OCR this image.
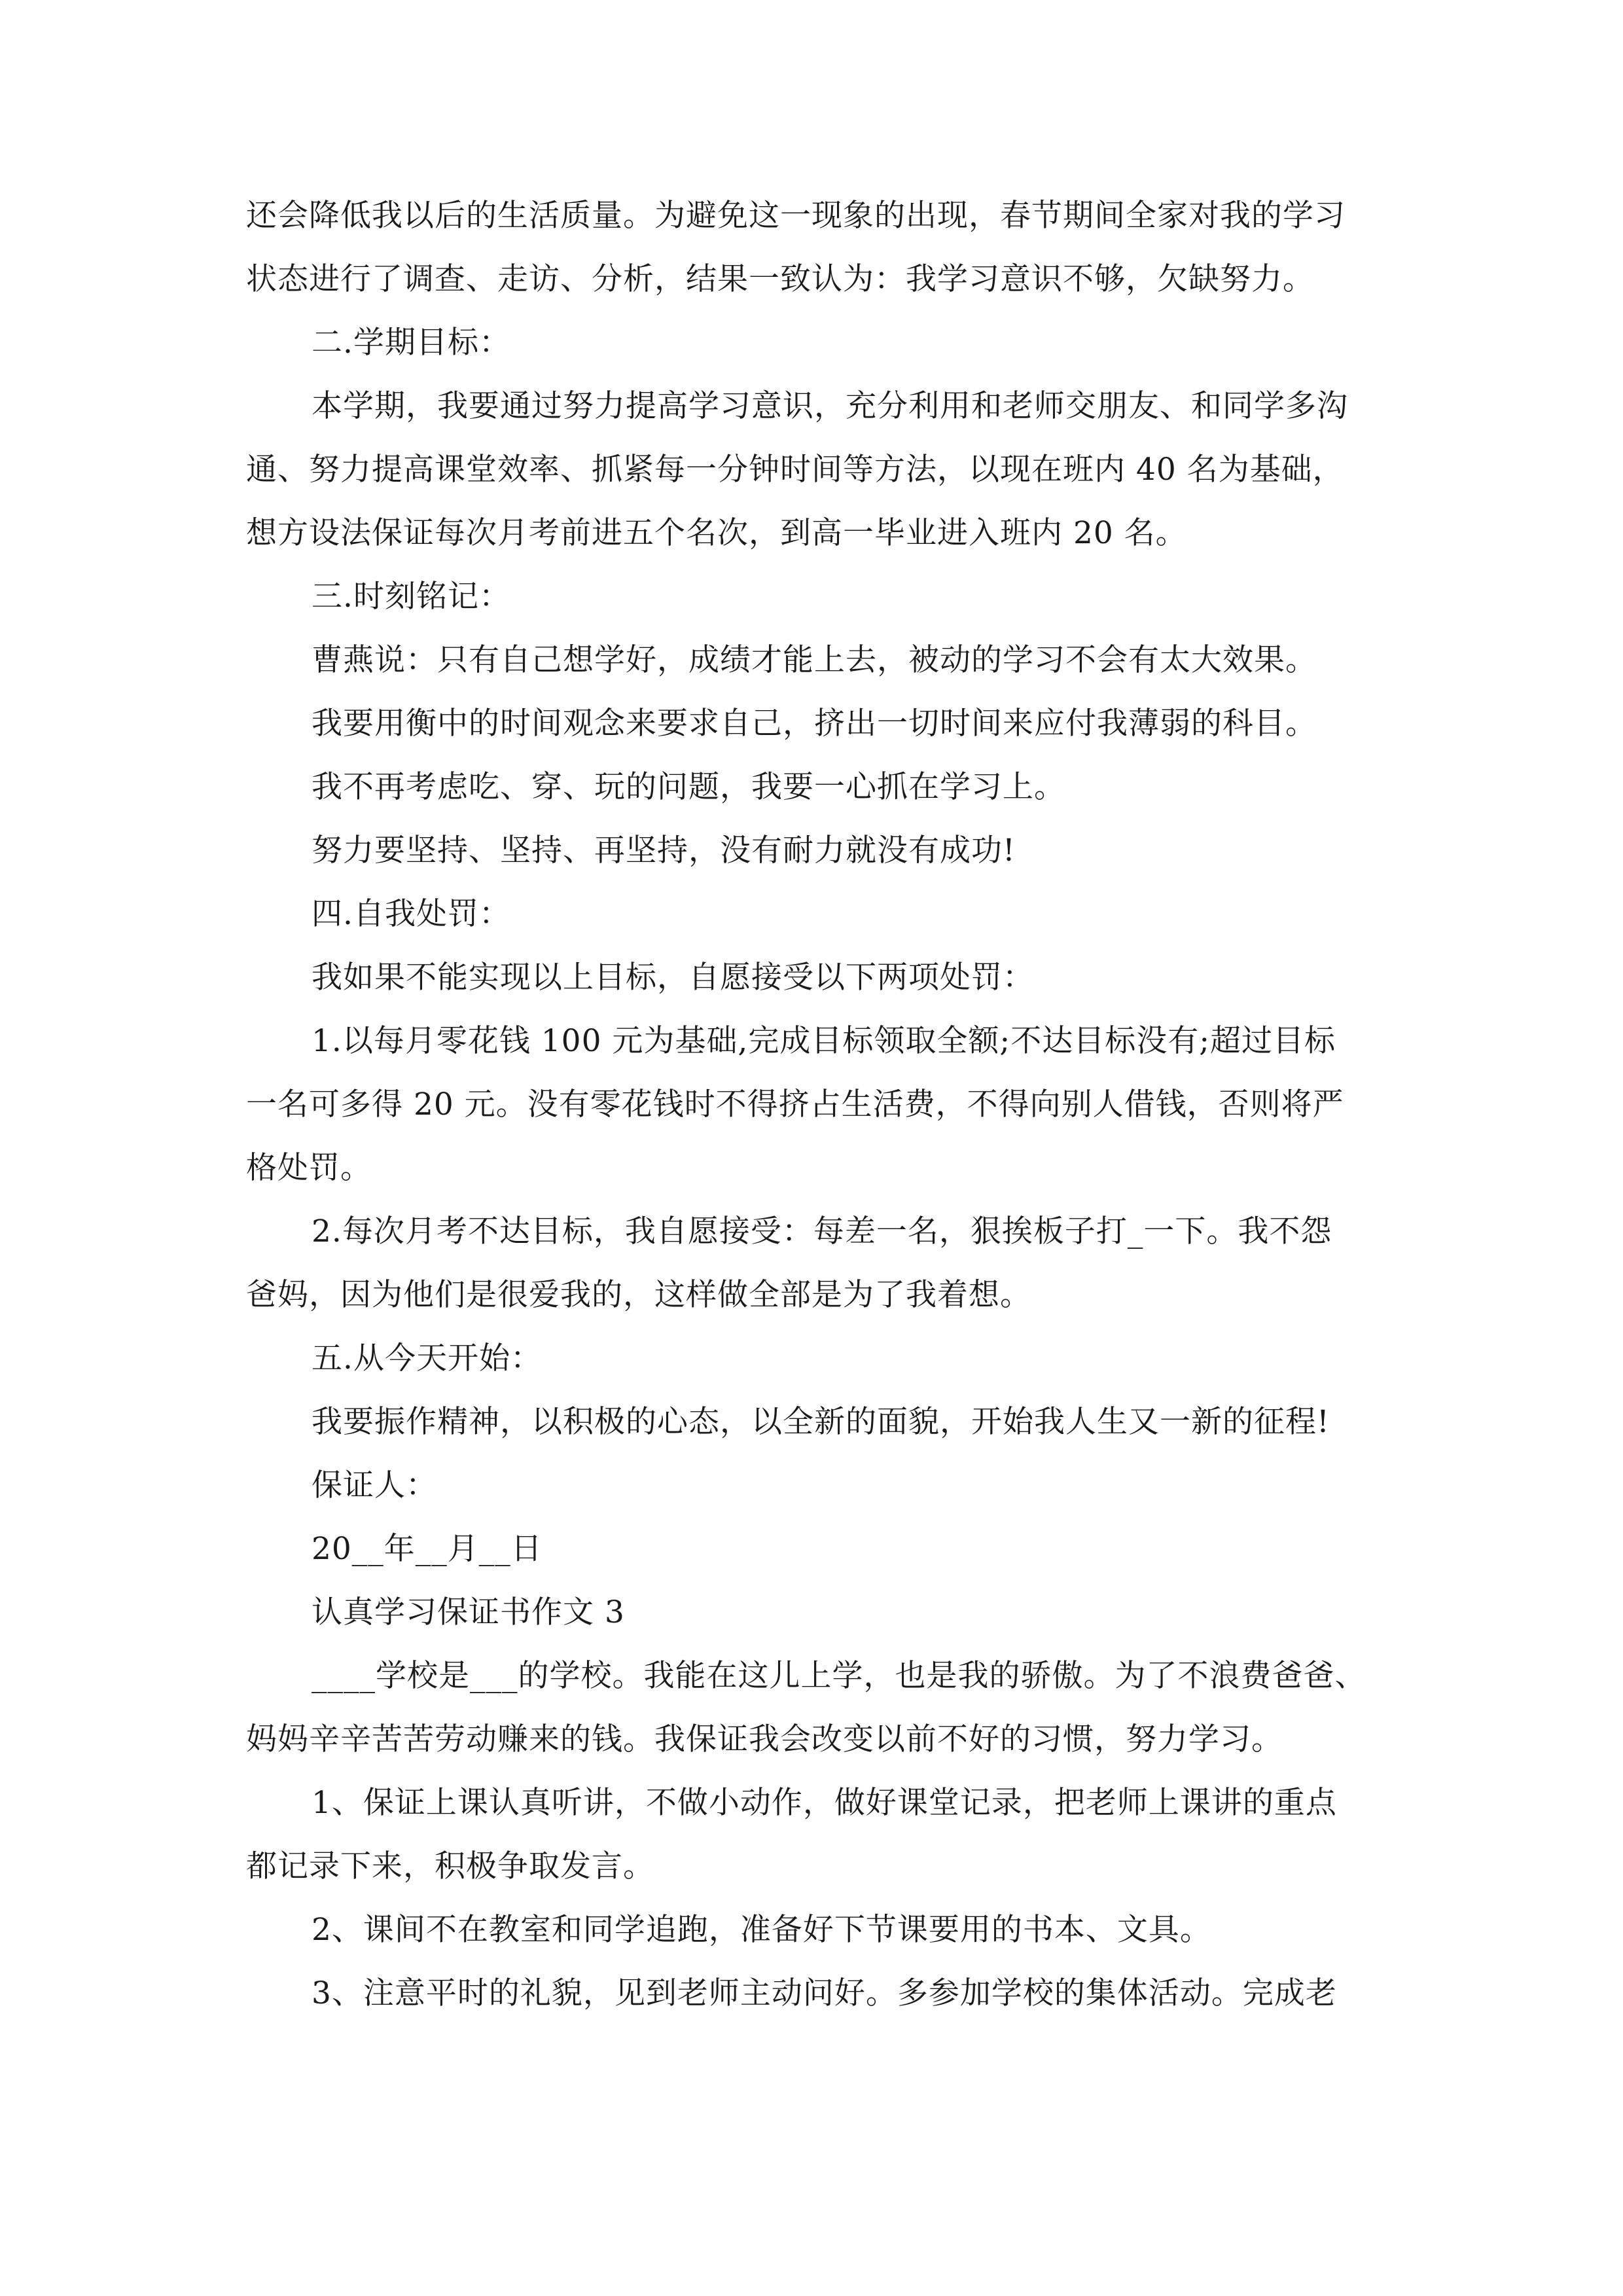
还会降低我以后的生活质量。为避免这一现象的出现，春节期间全家对我的学习
状态进行了调查、走访、分析，结果一致认为：我学习意识不够，欠缺努力。
二.学期目标：
本学期，我要通过努力提高学习意识，充分利用和老师交朋友、和同学多沟
通、努力提高课堂效率、抓紧每一分钟时间等方法，以现在班内 40 名为基础，
想方设法保证每次月考前进五个名次，到高一毕业进入班内 20 名。
三.时刻铭记：
曹燕说：只有自己想学好，成绩才能上去，被动的学习不会有太大效果。
我要用衡中的时间观念来要求自己，挤出一切时间来应付我薄弱的科目。
我不再考虑吃、穿、玩的问题，我要一心抓在学习上。
努力要坚持、坚持、再坚持，没有耐力就没有成功!
四.自我处罚：
我如果不能实现以上目标，自愿接受以下两项处罚：
1.以每月零花钱 100 元为基础,完成目标领取全额;不达目标没有;超过目标
一名可多得 20 元。没有零花钱时不得挤占生活费，不得向别人借钱，否则将严
格处罚。
2.每次月考不达目标，我自愿接受：每差一名，狠挨板子打_一下。我不怨
爸妈，因为他们是很爱我的，这样做全部是为了我着想。
五.从今天开始：
我要振作精神，以积极的心态，以全新的面貌，开始我人生又一新的征程!
保证人：
20__年__月__日
认真学习保证书作文 3
____学校是___的学校。我能在这儿上学，也是我的骄傲。为了不浪费爸爸、
妈妈辛辛苦苦劳动赚来的钱。我保证我会改变以前不好的习惯，努力学习。
1、保证上课认真听讲，不做小动作，做好课堂记录，把老师上课讲的重点
都记录下来，积极争取发言。
2、课间不在教室和同学追跑，准备好下节课要用的书本、文具。
3、注意平时的礼貌，见到老师主动问好。多参加学校的集体活动。完成老
